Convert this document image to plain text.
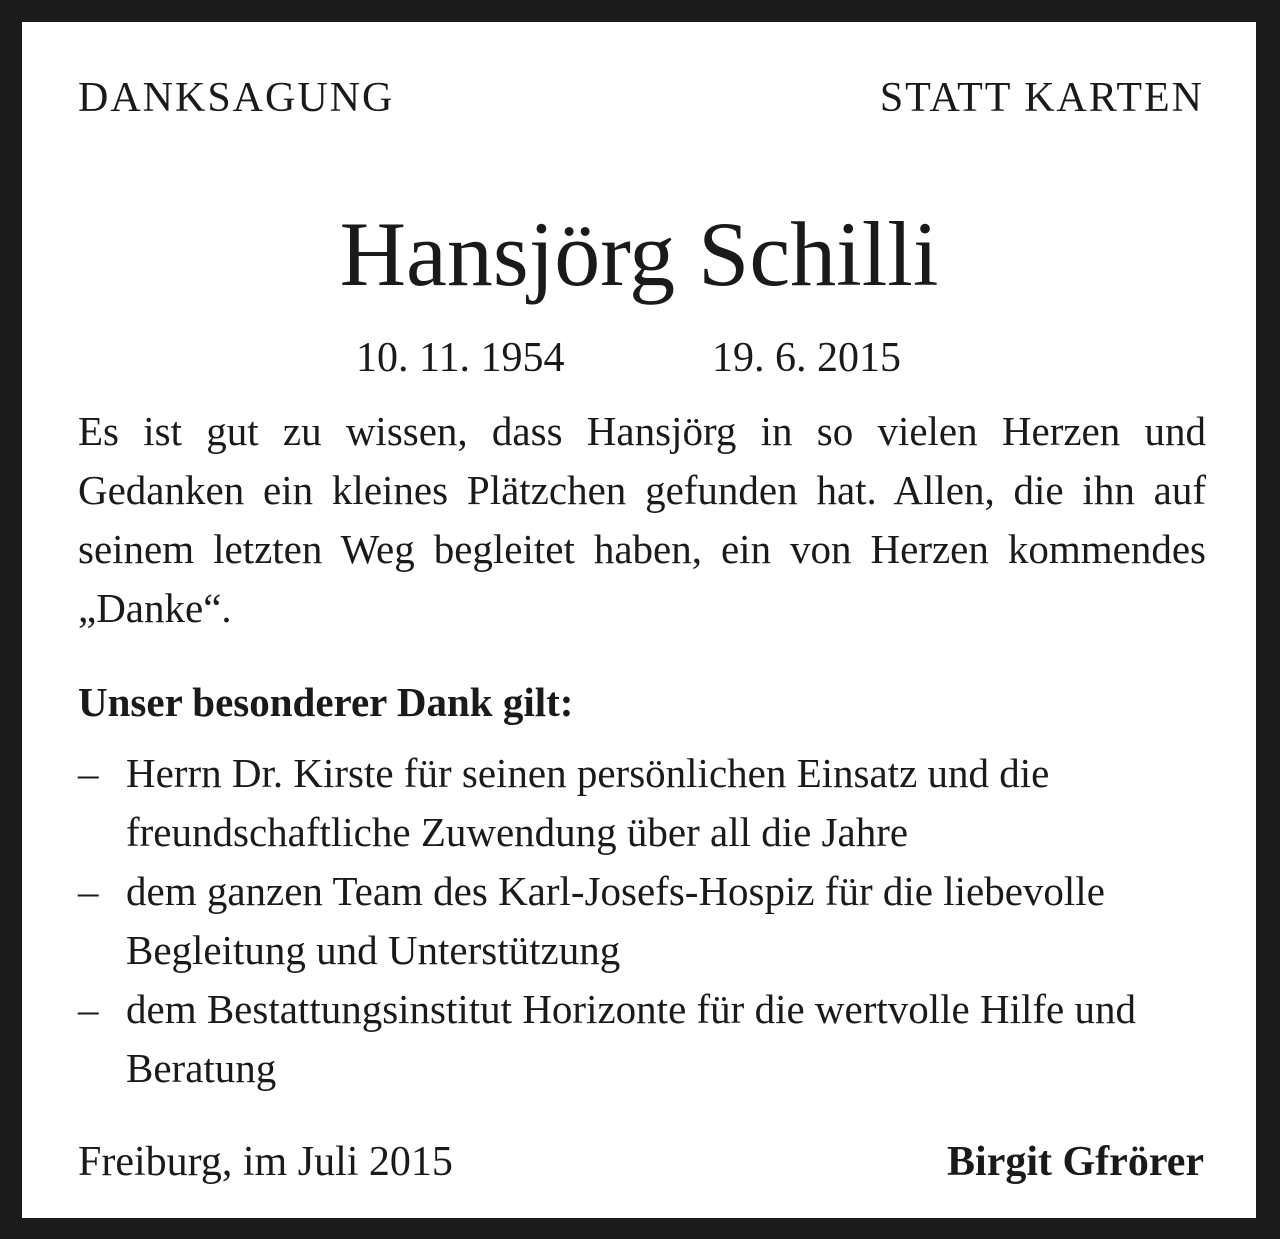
DANKSAGUNG	STATT KARTEN

Hansjörg Schilli

10. 11. 1954	19. 6. 2015

Es ist gut zu wissen, dass Hansjörg in so vielen Herzen und Gedanken ein kleines Plätzchen gefunden hat. Allen, die ihn auf seinem letzten Weg begleitet haben, ein von Herzen kommendes „Danke“.

Unser besonderer Dank gilt:

– Herrn Dr. Kirste für seinen persönlichen Einsatz und die freundschaftliche Zuwendung über all die Jahre
– dem ganzen Team des Karl-Josefs-Hospiz für die liebevolle Begleitung und Unterstützung
– dem Bestattungsinstitut Horizonte für die wertvolle Hilfe und Beratung

Freiburg, im Juli 2015	Birgit Gfrörer
